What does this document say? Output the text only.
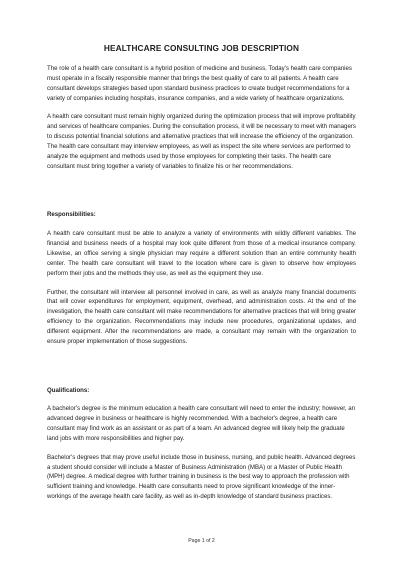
HEALTHCARE CONSULTING JOB DESCRIPTION

The role of a health care consultant is a hybrid position of medicine and business. Today's health care companies must operate in a fiscally responsible manner that brings the best quality of care to all patients. A health care consultant develops strategies based upon standard business practices to create budget recommendations for a variety of companies including hospitals, insurance companies, and a wide variety of healthcare organizations.

A health care consultant must remain highly organized during the optimization process that will improve profitability and services of healthcare companies. During the consultation process, it will be necessary to meet with managers to discuss potential financial solutions and alternative practices that will increase the efficiency of the organization. The health care consultant may interview employees, as well as inspect the site where services are performed to analyze the equipment and methods used by those employees for completing their tasks. The health care consultant must bring together a variety of variables to finalize his or her recommendations.

Responsibilities:

A health care consultant must be able to analyze a variety of environments with wildly different variables. The financial and business needs of a hospital may look quite different from those of a medical insurance company. Likewise, an office serving a single physician may require a different solution than an entire community health center. The health care consultant will travel to the location where care is given to observe how employees perform their jobs and the methods they use, as well as the equipment they use.

Further, the consultant will interview all personnel involved in care, as well as analyze many financial documents that will cover expenditures for employment, equipment, overhead, and administration costs. At the end of the investigation, the health care consultant will make recommendations for alternative practices that will bring greater efficiency to the organization. Recommendations may include new procedures, organizational updates, and different equipment. After the recommendations are made, a consultant may remain with the organization to ensure proper implementation of those suggestions.

Qualifications:

A bachelor's degree is the minimum education a health care consultant will need to enter the industry; however, an advanced degree in business or healthcare is highly recommended. With a bachelor's degree, a health care consultant may find work as an assistant or as part of a team. An advanced degree will likely help the graduate land jobs with more responsibilities and higher pay.

Bachelor's degrees that may prove useful include those in business, nursing, and public health. Advanced degrees a student should consider will include a Master of Business Administration (MBA) or a Master of Public Health (MPH) degree. A medical degree with further training in business is the best way to approach the profession with sufficient training and knowledge. Health care consultants need to prove significant knowledge of the inner-workings of the average health care facility, as well as in-depth knowledge of standard business practices.

Page 1 of 2
